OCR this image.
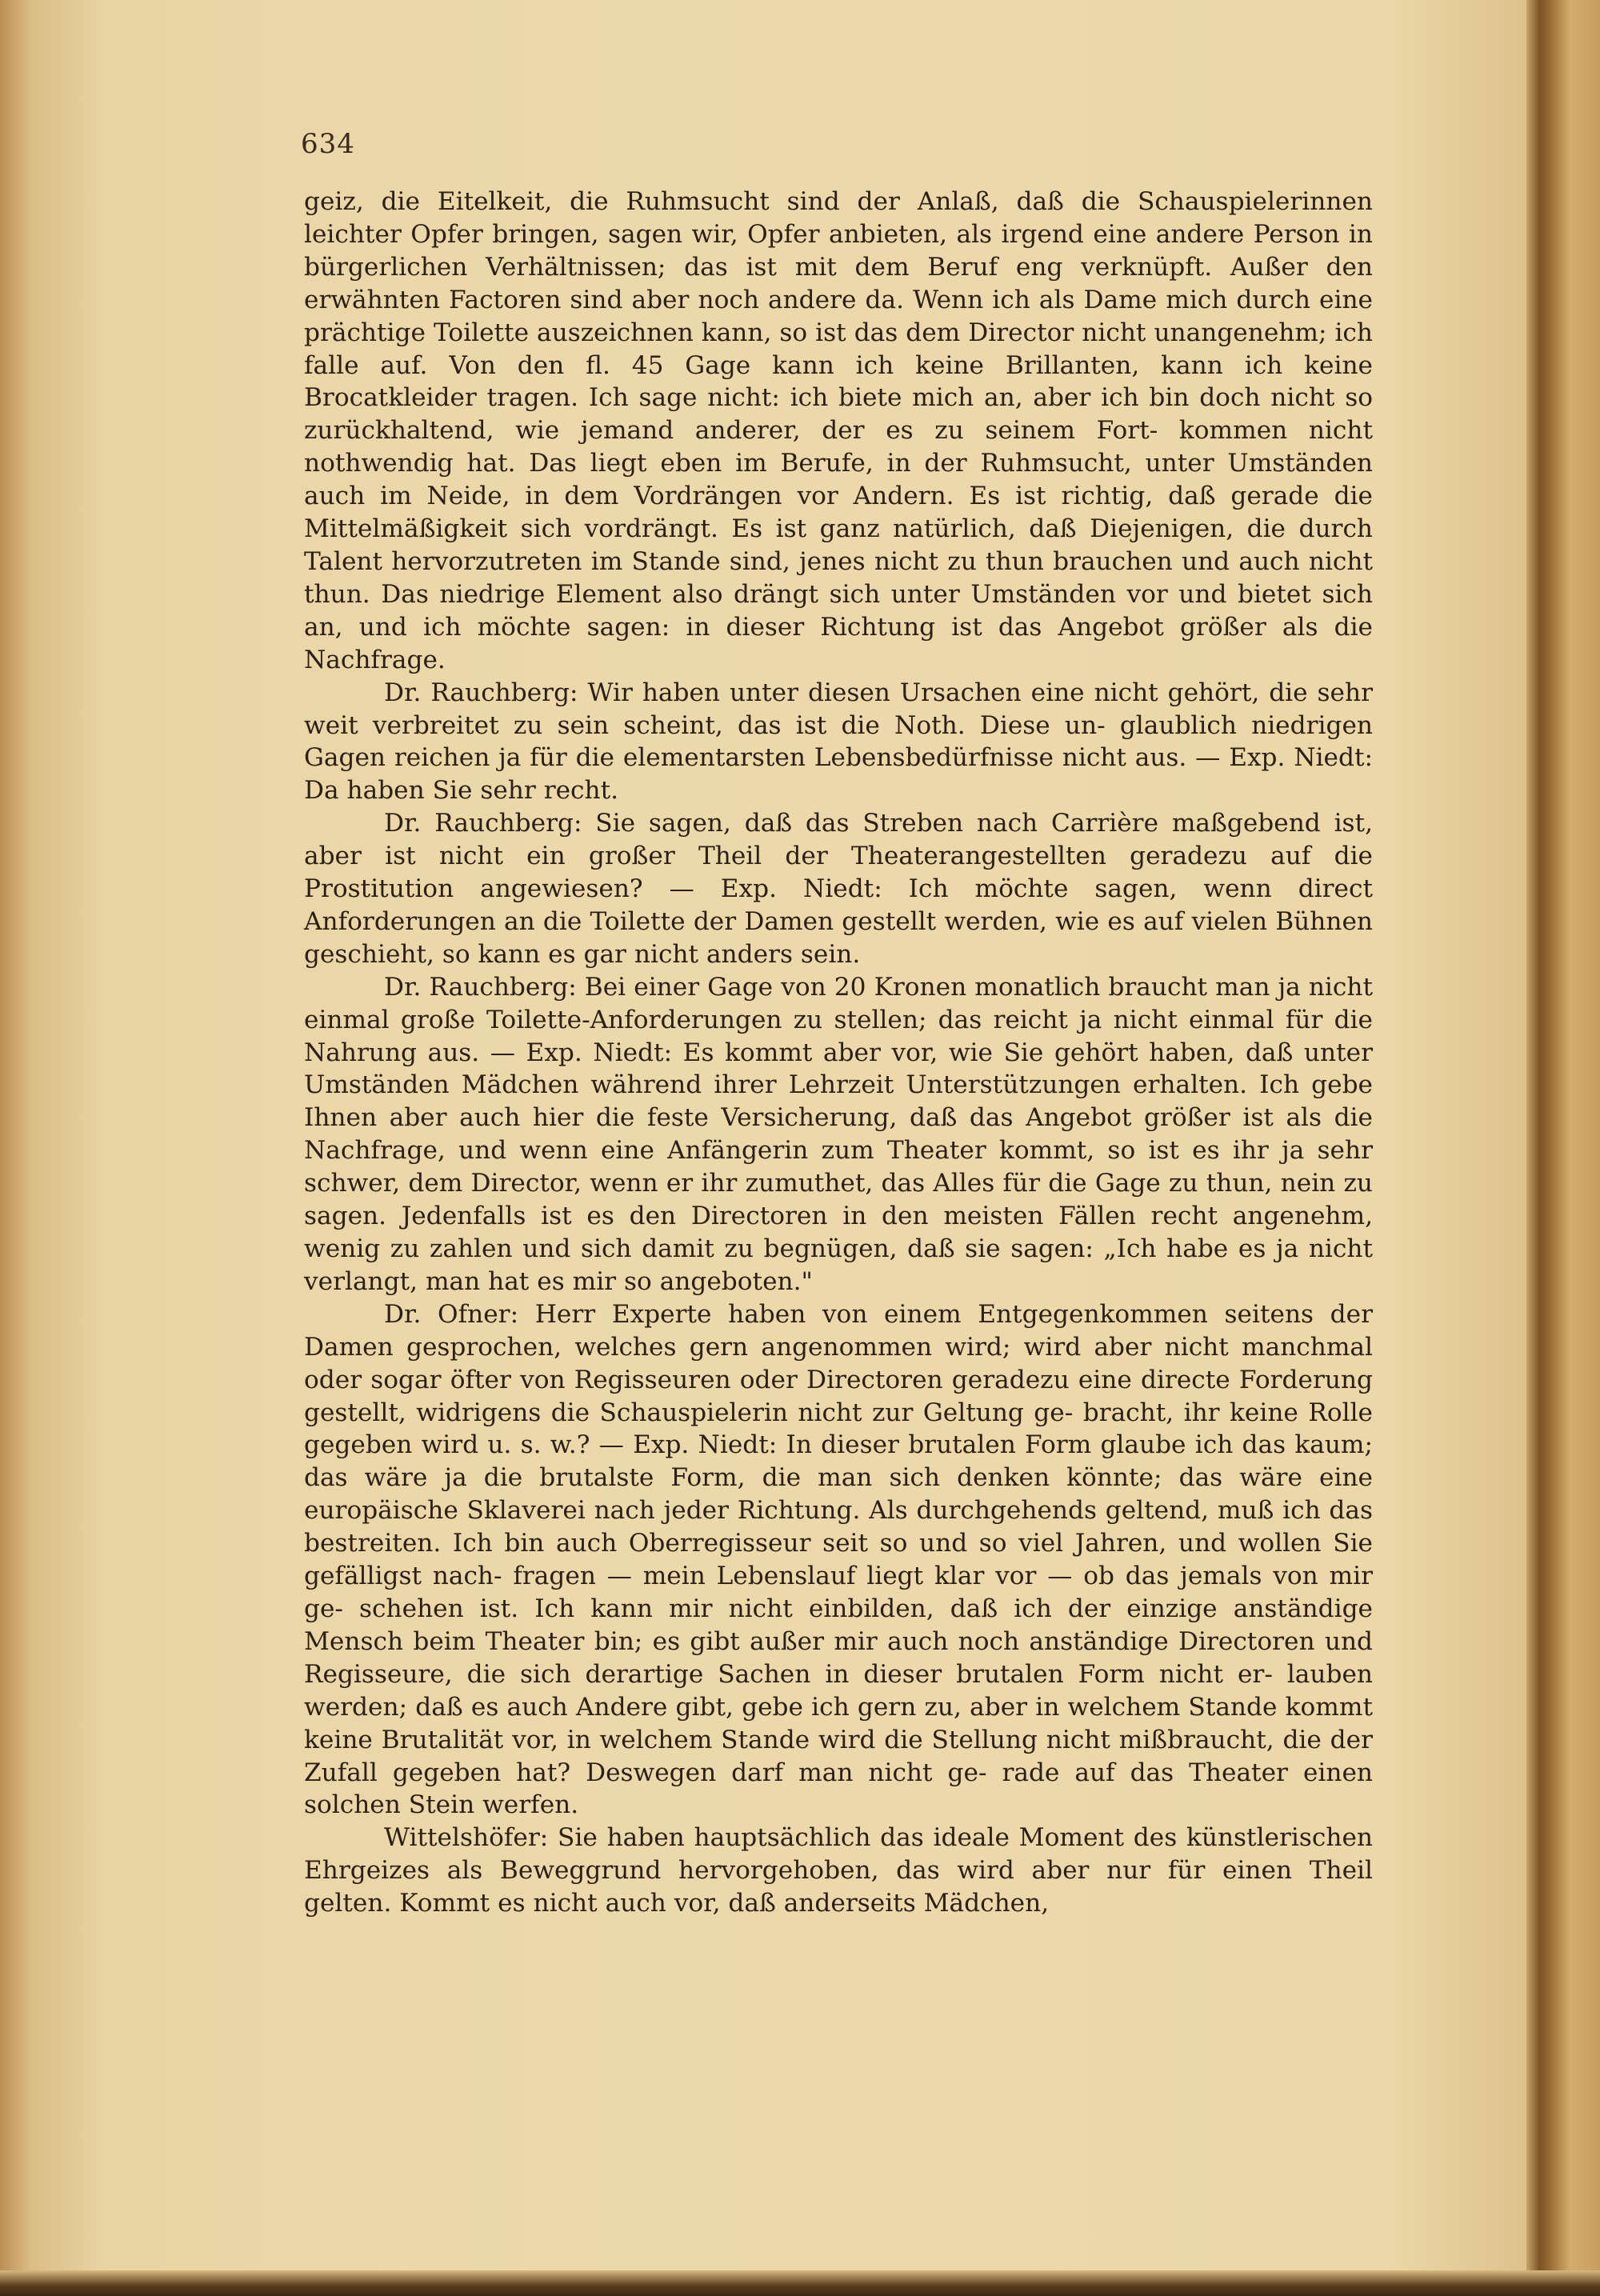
634

geiz, die Eitelkeit, die Ruhmsucht sind der Anlaß, daß die Schauspielerinnen leichter Opfer bringen, sagen wir, Opfer anbieten, als irgend eine andere Person in bürgerlichen Verhältnissen; das ist mit dem Beruf eng verknüpft. Außer den erwähnten Factoren sind aber noch andere da. Wenn ich als Dame mich durch eine prächtige Toilette auszeichnen kann, so ist das dem Director nicht unangenehm; ich falle auf. Von den fl. 45 Gage kann ich keine Brillanten, kann ich keine Brocatkleider tragen. Ich sage nicht: ich biete mich an, aber ich bin doch nicht so zurückhaltend, wie jemand anderer, der es zu seinem Fort- kommen nicht nothwendig hat. Das liegt eben im Berufe, in der Ruhmsucht, unter Umständen auch im Neide, in dem Vordrängen vor Andern. Es ist richtig, daß gerade die Mittelmäßigkeit sich vordrängt. Es ist ganz natürlich, daß Diejenigen, die durch Talent hervorzutreten im Stande sind, jenes nicht zu thun brauchen und auch nicht thun. Das niedrige Element also drängt sich unter Umständen vor und bietet sich an, und ich möchte sagen: in dieser Richtung ist das Angebot größer als die Nachfrage.

Dr. Rauchberg: Wir haben unter diesen Ursachen eine nicht gehört, die sehr weit verbreitet zu sein scheint, das ist die Noth. Diese un- glaublich niedrigen Gagen reichen ja für die elementarsten Lebensbedürfnisse nicht aus. — Exp. Niedt: Da haben Sie sehr recht.

Dr. Rauchberg: Sie sagen, daß das Streben nach Carrière maßgebend ist, aber ist nicht ein großer Theil der Theaterangestellten geradezu auf die Prostitution angewiesen? — Exp. Niedt: Ich möchte sagen, wenn direct Anforderungen an die Toilette der Damen gestellt werden, wie es auf vielen Bühnen geschieht, so kann es gar nicht anders sein.

Dr. Rauchberg: Bei einer Gage von 20 Kronen monatlich braucht man ja nicht einmal große Toilette-Anforderungen zu stellen; das reicht ja nicht einmal für die Nahrung aus. — Exp. Niedt: Es kommt aber vor, wie Sie gehört haben, daß unter Umständen Mädchen während ihrer Lehrzeit Unterstützungen erhalten. Ich gebe Ihnen aber auch hier die feste Versicherung, daß das Angebot größer ist als die Nachfrage, und wenn eine Anfängerin zum Theater kommt, so ist es ihr ja sehr schwer, dem Director, wenn er ihr zumuthet, das Alles für die Gage zu thun, nein zu sagen. Jedenfalls ist es den Directoren in den meisten Fällen recht angenehm, wenig zu zahlen und sich damit zu begnügen, daß sie sagen: „Ich habe es ja nicht verlangt, man hat es mir so angeboten."

Dr. Ofner: Herr Experte haben von einem Entgegenkommen seitens der Damen gesprochen, welches gern angenommen wird; wird aber nicht manchmal oder sogar öfter von Regisseuren oder Directoren geradezu eine directe Forderung gestellt, widrigens die Schauspielerin nicht zur Geltung ge- bracht, ihr keine Rolle gegeben wird u. s. w.? — Exp. Niedt: In dieser brutalen Form glaube ich das kaum; das wäre ja die brutalste Form, die man sich denken könnte; das wäre eine europäische Sklaverei nach jeder Richtung. Als durchgehends geltend, muß ich das bestreiten. Ich bin auch Oberregisseur seit so und so viel Jahren, und wollen Sie gefälligst nach- fragen — mein Lebenslauf liegt klar vor — ob das jemals von mir ge- schehen ist. Ich kann mir nicht einbilden, daß ich der einzige anständige Mensch beim Theater bin; es gibt außer mir auch noch anständige Directoren und Regisseure, die sich derartige Sachen in dieser brutalen Form nicht er- lauben werden; daß es auch Andere gibt, gebe ich gern zu, aber in welchem Stande kommt keine Brutalität vor, in welchem Stande wird die Stellung nicht mißbraucht, die der Zufall gegeben hat? Deswegen darf man nicht ge- rade auf das Theater einen solchen Stein werfen.

Wittelshöfer: Sie haben hauptsächlich das ideale Moment des künstlerischen Ehrgeizes als Beweggrund hervorgehoben, das wird aber nur für einen Theil gelten. Kommt es nicht auch vor, daß anderseits Mädchen,
